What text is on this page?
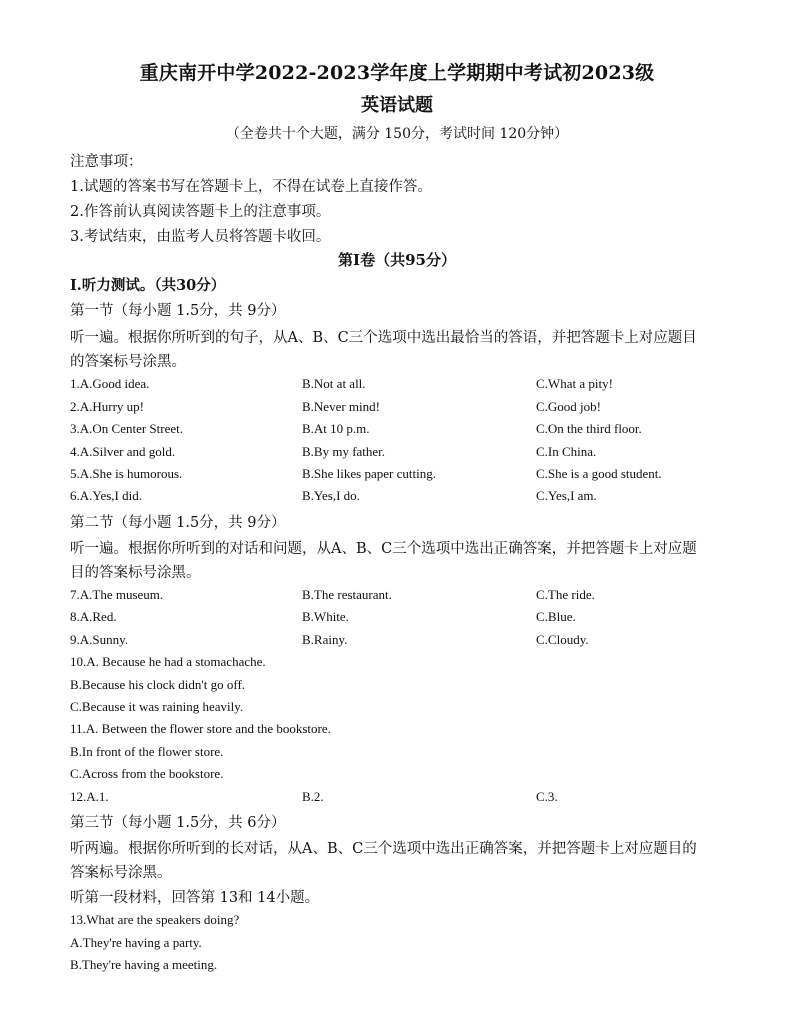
重庆南开中学2022-2023学年度上学期期中考试初2023级
英语试题
（全卷共十个大题，满分 150分，考试时间 120分钟）
注意事项：
1.试题的答案书写在答题卡上，不得在试卷上直接作答。
2.作答前认真阅读答题卡上的注意事项。
3.考试结束，由监考人员将答题卡收回。
第I卷（共95分）
I.听力测试。（共30分）
第一节（每小题 1.5分，共 9分）
听一遍。根据你所听到的句子，从A、B、C三个选项中选出最恰当的答语，并把答题卡上对应题目
的答案标号涂黑。
1.A.Good idea.	B.Not at all.	C.What a pity!
2.A.Hurry up!	B.Never mind!	C.Good job!
3.A.On Center Street.	B.At 10 p.m.	C.On the third floor.
4.A.Silver and gold.	B.By my father.	C.In China.
5.A.She is humorous.	B.She likes paper cutting.	C.She is a good student.
6.A.Yes,I did.	B.Yes,I do.	C.Yes,I am.
第二节（每小题 1.5分，共 9分）
听一遍。根据你所听到的对话和问题，从A、B、C三个选项中选出正确答案，并把答题卡上对应题
目的答案标号涂黑。
7.A.The museum.	B.The restaurant.	C.The ride.
8.A.Red.	B.White.	C.Blue.
9.A.Sunny.	B.Rainy.	C.Cloudy.
10.A. Because he had a stomachache.
B.Because his clock didn't go off.
C.Because it was raining heavily.
11.A. Between the flower store and the bookstore.
B.In front of the flower store.
C.Across from the bookstore.
12.A.1.	B.2.	C.3.
第三节（每小题 1.5分，共 6分）
听两遍。根据你所听到的长对话，从A、B、C三个选项中选出正确答案，并把答题卡上对应题目的
答案标号涂黑。
听第一段材料，回答第 13和 14小题。
13.What are the speakers doing?
A.They're having a party.
B.They're having a meeting.
